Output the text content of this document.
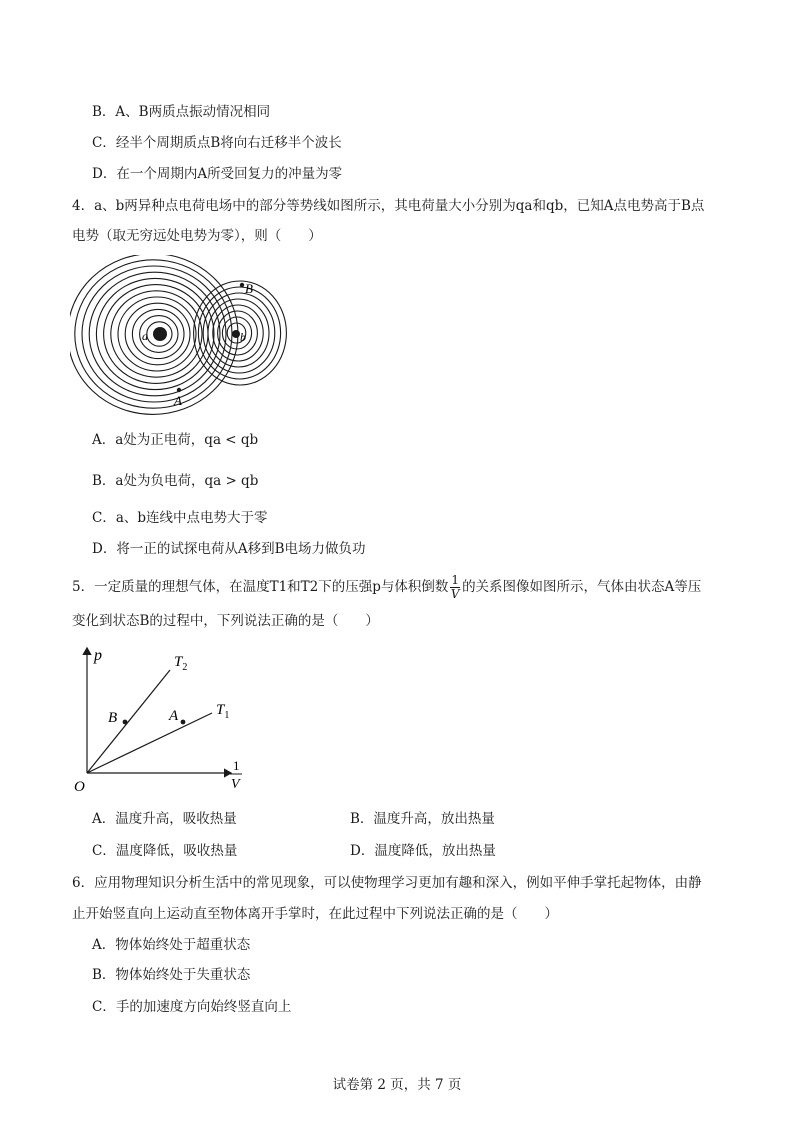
B．A、B两质点振动情况相同
C．经半个周期质点B将向右迁移半个波长
D．在一个周期内A所受回复力的冲量为零
4．a、b两异种点电荷电场中的部分等势线如图所示，其电荷量大小分别为qa和qb，已知A点电势高于B点
电势（取无穷远处电势为零），则（　　）
a	b
A
B
A．a处为正电荷，qa < qb
B．a处为负电荷，qa > qb
C．a、b连线中点电势大于零
D．将一正的试探电荷从A移到B电场力做负功
5．一定质量的理想气体，在温度T1和T2下的压强p与体积倒数 $\frac{1}{V}$ 的关系图像如图所示，气体由状态A等压
变化到状态B的过程中，下列说法正确的是（　　）
p
O
$T_2$
$T_1$
B	A
1
V
A．温度升高，吸收热量	B．温度升高，放出热量
C．温度降低，吸收热量	D．温度降低，放出热量
6．应用物理知识分析生活中的常见现象，可以使物理学习更加有趣和深入，例如平伸手掌托起物体，由静
止开始竖直向上运动直至物体离开手掌时，在此过程中下列说法正确的是（　　）
A．物体始终处于超重状态
B．物体始终处于失重状态
C．手的加速度方向始终竖直向上
试卷第 2 页，共 7 页
